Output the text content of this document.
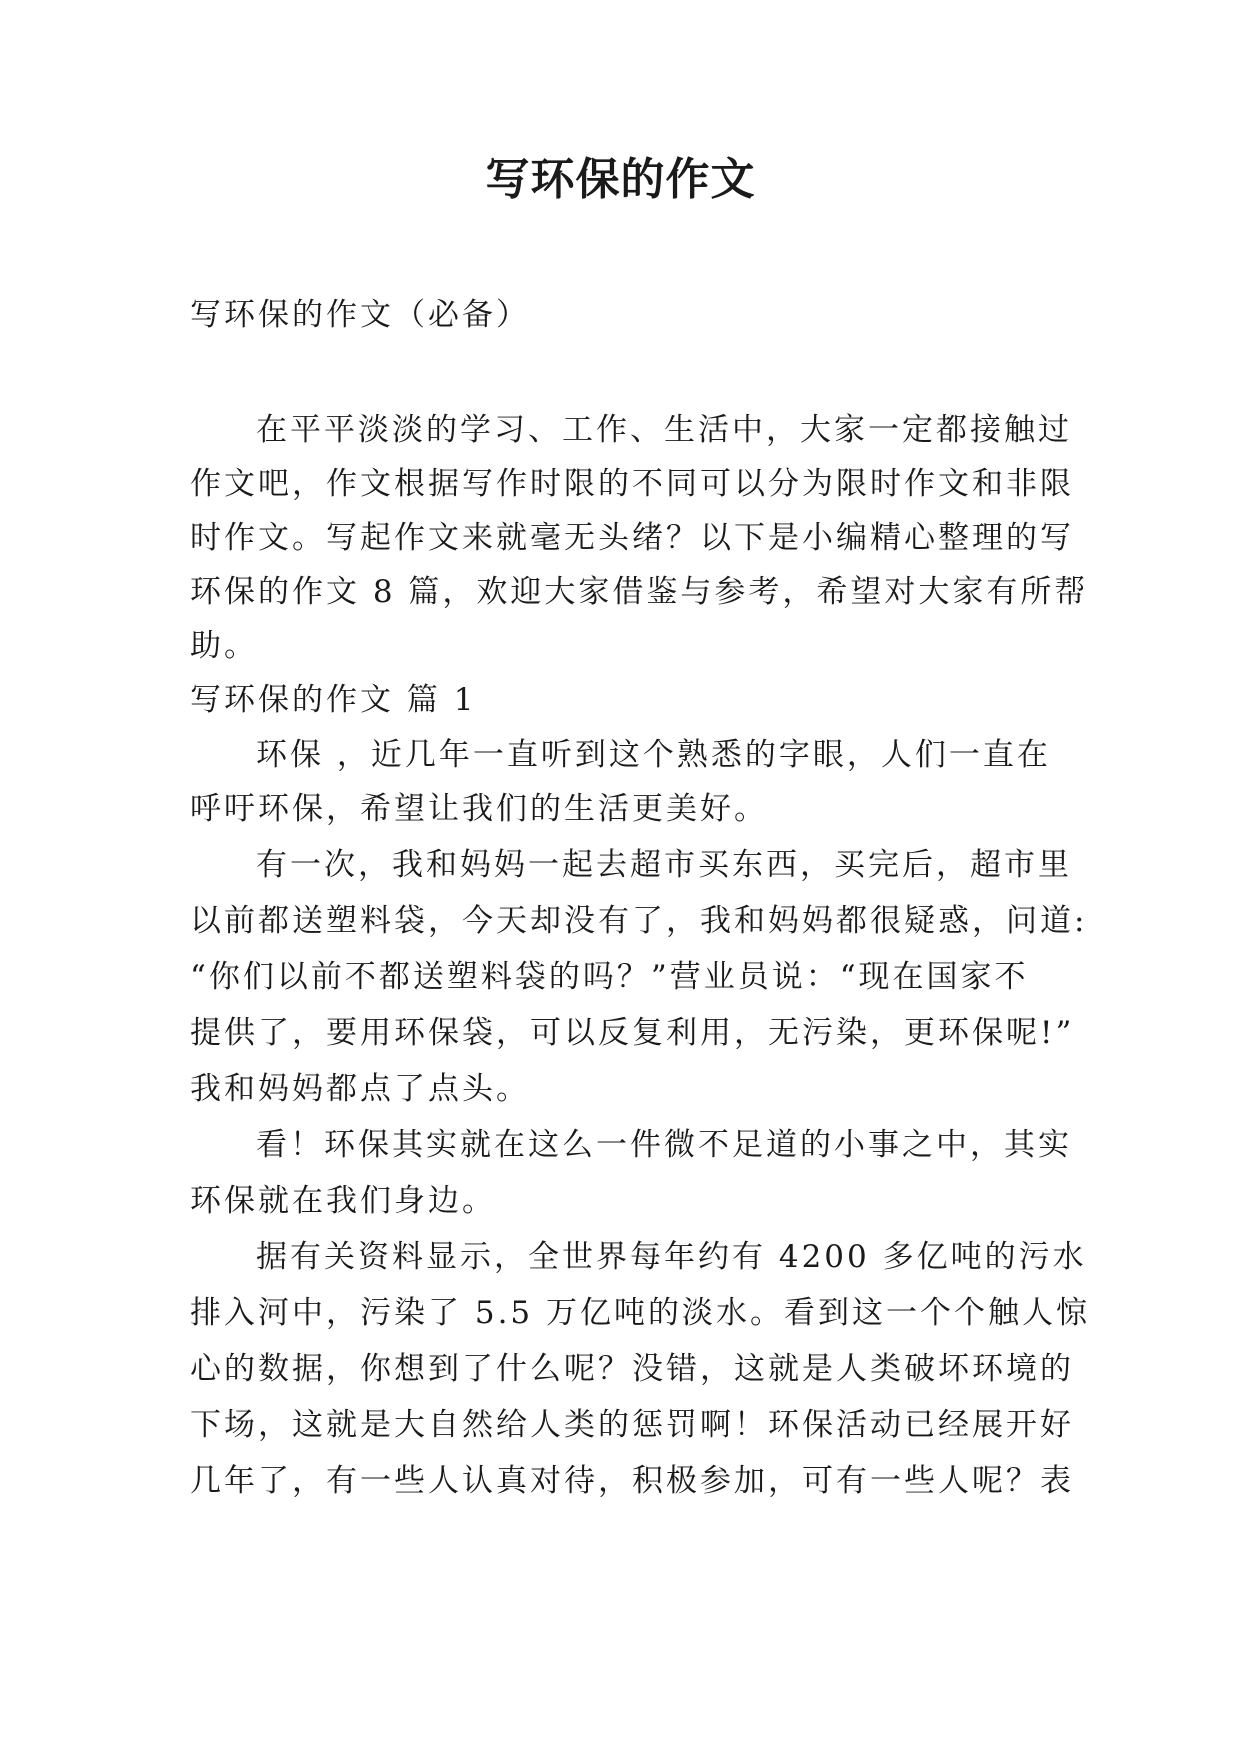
写环保的作文
写环保的作文（必备）
在平平淡淡的学习、工作、生活中，大家一定都接触过
作文吧，作文根据写作时限的不同可以分为限时作文和非限
时作文。写起作文来就毫无头绪？以下是小编精心整理的写
环保的作文 8 篇，欢迎大家借鉴与参考，希望对大家有所帮
助。
写环保的作文 篇 1
环保 ，近几年一直听到这个熟悉的字眼，人们一直在
呼吁环保，希望让我们的生活更美好。
有一次，我和妈妈一起去超市买东西，买完后，超市里
以前都送塑料袋，今天却没有了，我和妈妈都很疑惑，问道:
“你们以前不都送塑料袋的吗？”营业员说：“现在国家不
提供了，要用环保袋，可以反复利用，无污染，更环保呢!”
我和妈妈都点了点头。
看！环保其实就在这么一件微不足道的小事之中，其实
环保就在我们身边。
据有关资料显示，全世界每年约有 4200 多亿吨的污水
排入河中，污染了 5.5 万亿吨的淡水。看到这一个个触人惊
心的数据，你想到了什么呢？没错，这就是人类破坏环境的
下场，这就是大自然给人类的惩罚啊！环保活动已经展开好
几年了，有一些人认真对待，积极参加，可有一些人呢？表
